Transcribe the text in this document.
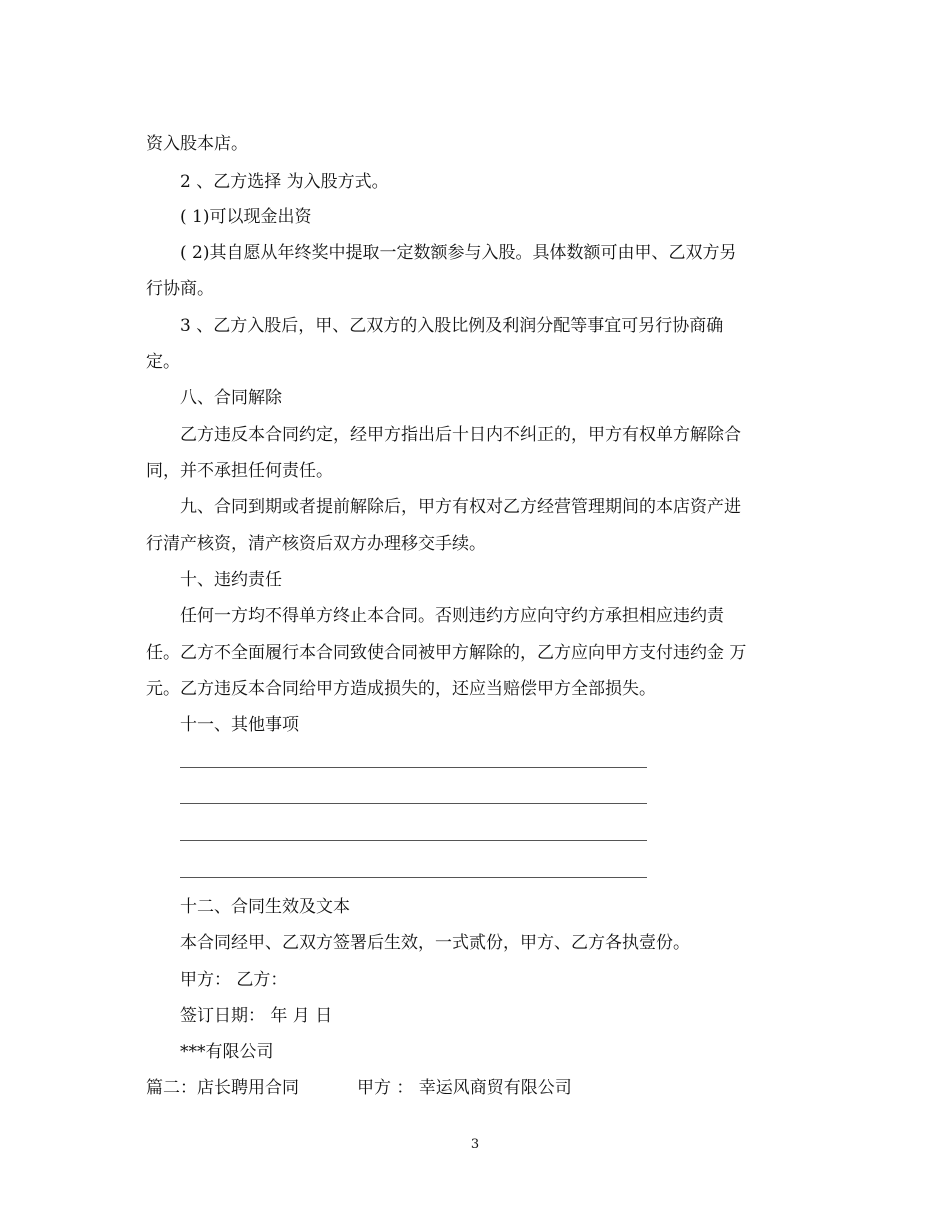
资入股本店。
2 、乙方选择 为入股方式。
( 1)可以现金出资
( 2)其自愿从年终奖中提取一定数额参与入股。具体数额可由甲、乙双方另
行协商。
3 、乙方入股后，甲、乙双方的入股比例及利润分配等事宜可另行协商确
定。
八、合同解除
乙方违反本合同约定，经甲方指出后十日内不纠正的，甲方有权单方解除合
同，并不承担任何责任。
九、合同到期或者提前解除后，甲方有权对乙方经营管理期间的本店资产进
行清产核资，清产核资后双方办理移交手续。
十、违约责任
任何一方均不得单方终止本合同。否则违约方应向守约方承担相应违约责
任。乙方不全面履行本合同致使合同被甲方解除的，乙方应向甲方支付违约金 万
元。乙方违反本合同给甲方造成损失的，还应当赔偿甲方全部损失。
十一、其他事项
十二、合同生效及文本
本合同经甲、乙双方签署后生效，一式贰份，甲方、乙方各执壹份。
甲方： 乙方：
签订日期： 年 月 日
***有限公司
篇二：店长聘用合同	甲方 ： 幸运风商贸有限公司
3
